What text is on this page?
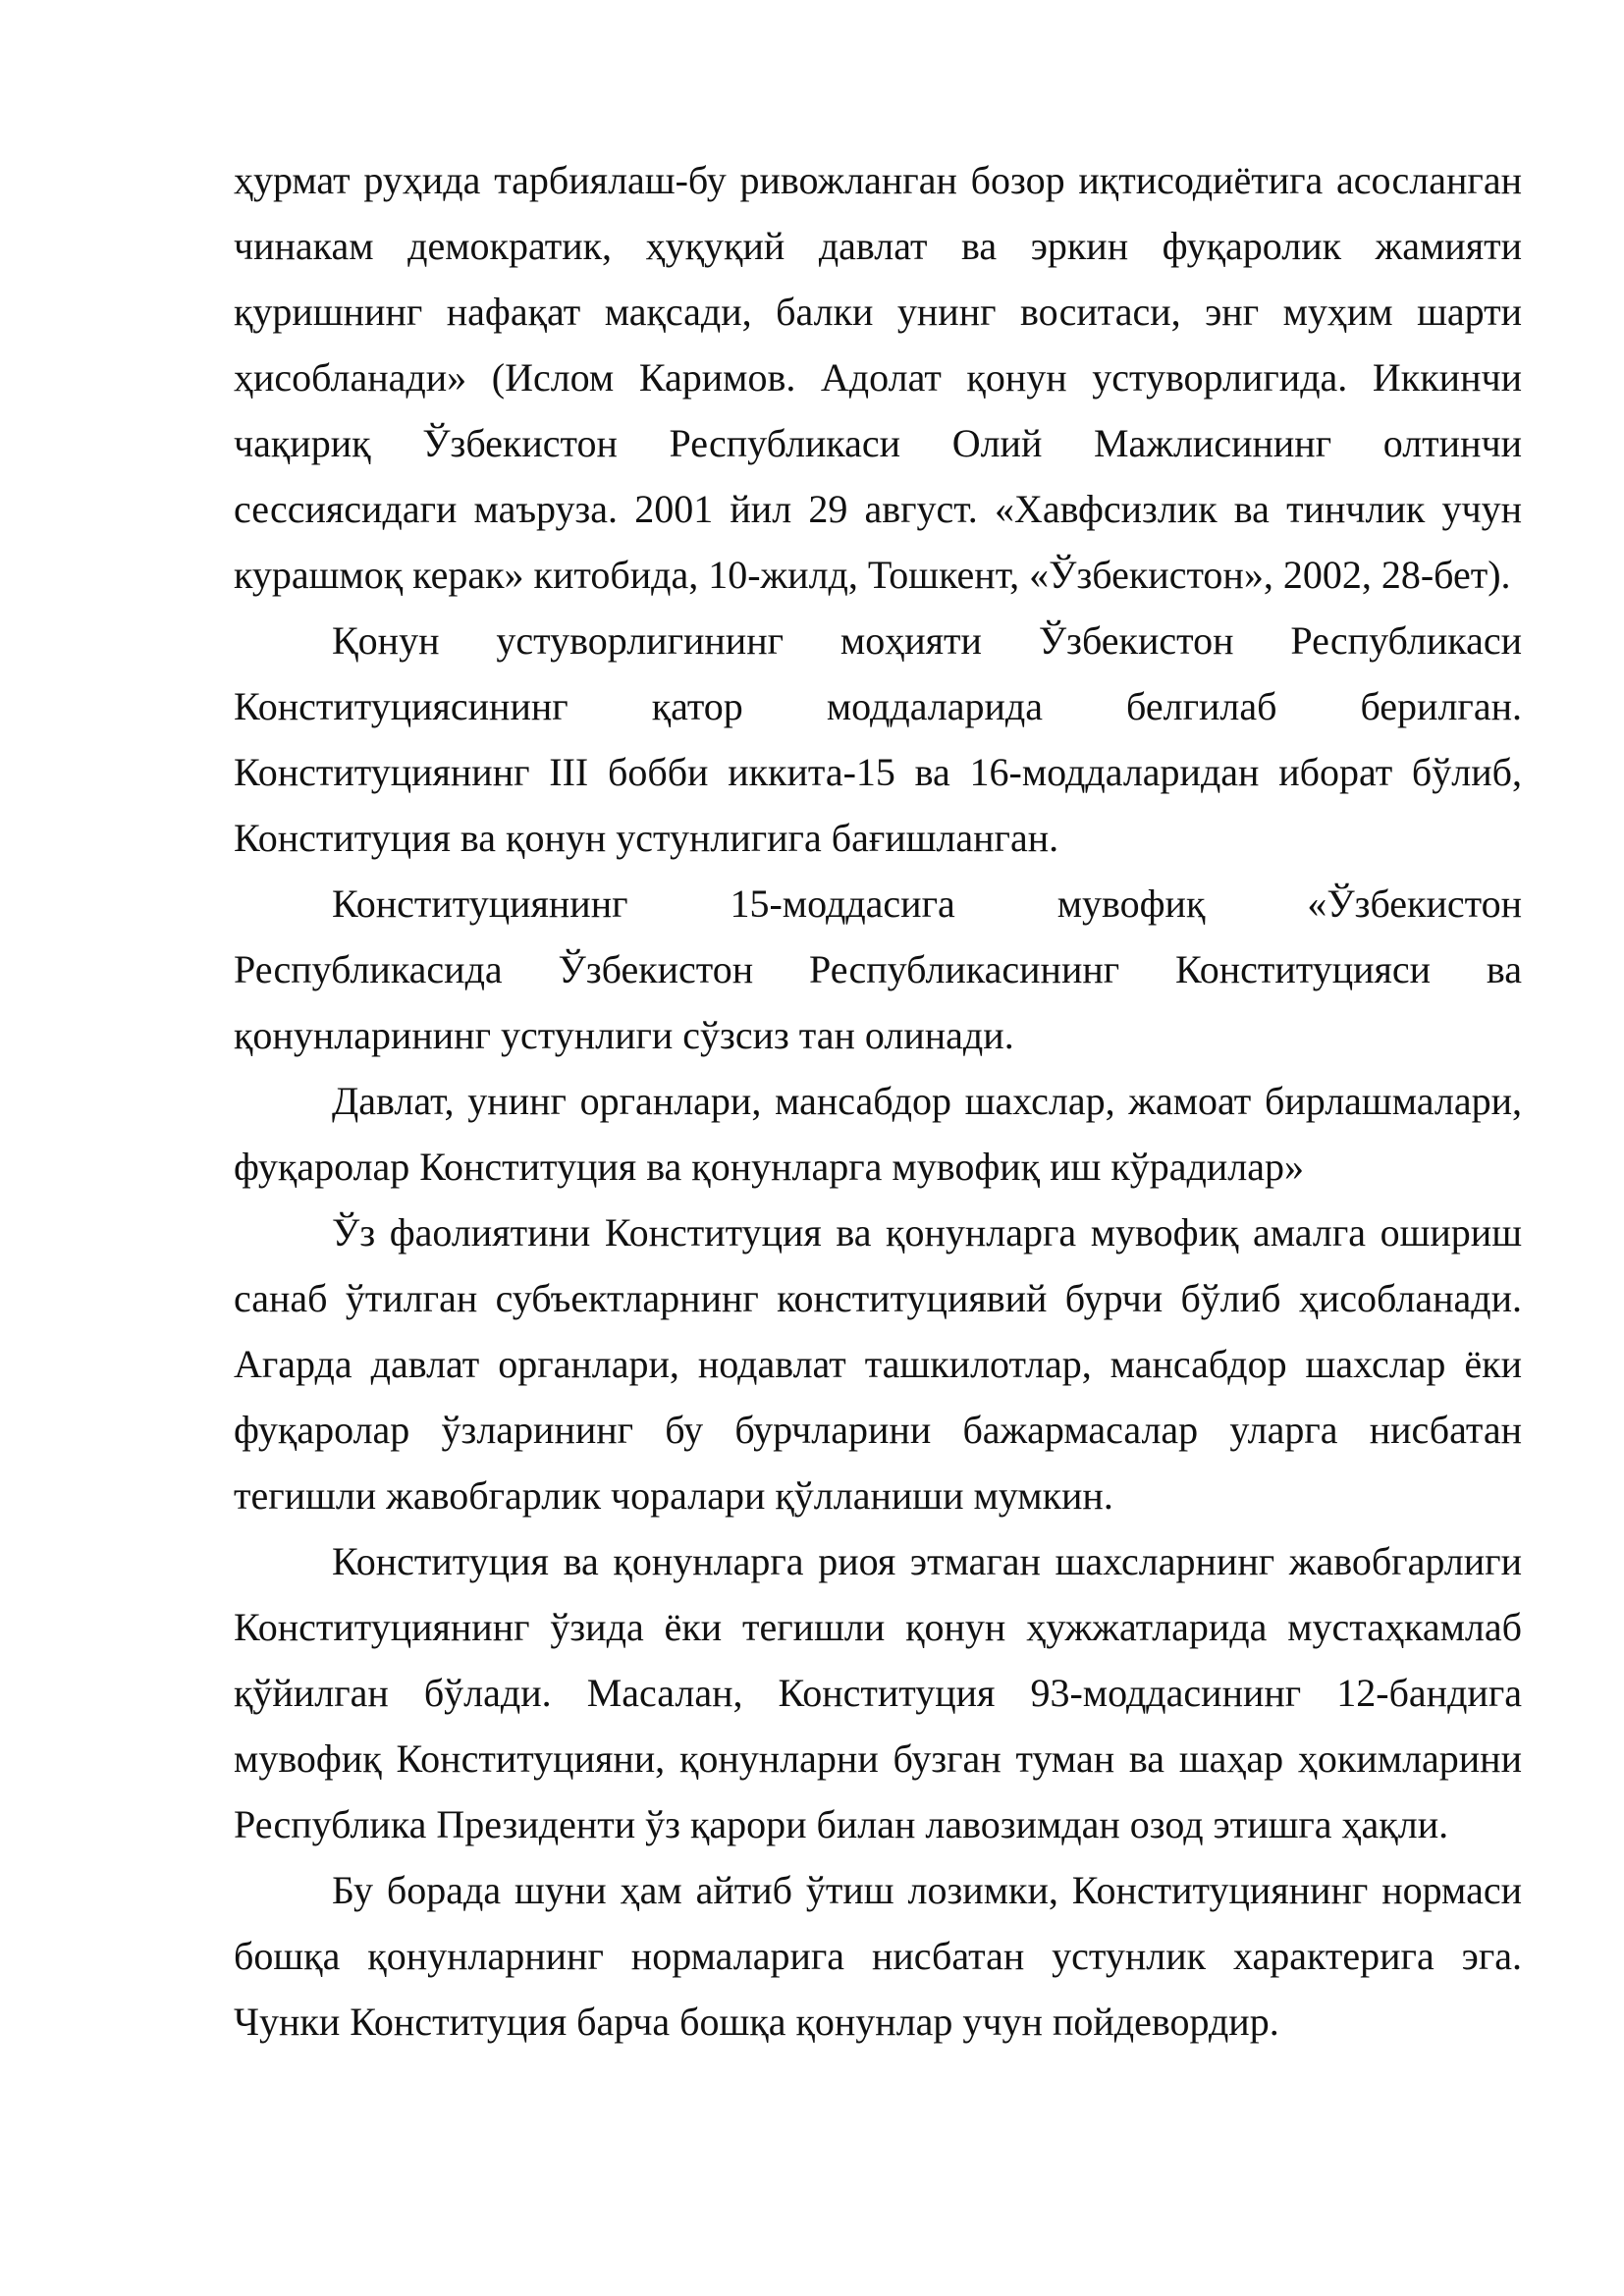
ҳурмат руҳида тарбиялаш-бу ривожланган бозор иқтисодиётига асосланган чинакам демократик, ҳуқуқий давлат ва эркин фуқаролик жамияти қуришнинг нафақат мақсади, балки унинг воситаси, энг муҳим шарти ҳисобланади» (Ислом Каримов. Адолат қонун устуворлигида. Иккинчи чақириқ Ўзбекистон Республикаси Олий Мажлисининг олтинчи сессиясидаги маъруза. 2001 йил 29 август. «Хавфсизлик ва тинчлик учун курашмоқ керак» китобида, 10-жилд, Тошкент, «Ўзбекистон», 2002, 28-бет).

Қонун устуворлигининг моҳияти Ўзбекистон Республикаси Конституциясининг қатор моддаларида белгилаб берилган. Конституциянинг III бобби иккита-15 ва 16-моддаларидан иборат бўлиб, Конституция ва қонун устунлигига бағишланган.

Конституциянинг 15-моддасига мувофиқ «Ўзбекистон Республикасида Ўзбекистон Республикасининг Конституцияси ва қонунларининг устунлиги сўзсиз тан олинади.

Давлат, унинг органлари, мансабдор шахслар, жамоат бирлашмалари, фуқаролар Конституция ва қонунларга мувофиқ иш кўрадилар»

Ўз фаолиятини Конституция ва қонунларга мувофиқ амалга ошириш санаб ўтилган субъектларнинг конституциявий бурчи бўлиб ҳисобланади. Агарда давлат органлари, нодавлат ташкилотлар, мансабдор шахслар ёки фуқаролар ўзларининг бу бурчларини бажармасалар уларга нисбатан тегишли жавобгарлик чоралари қўлланиши мумкин.

Конституция ва қонунларга риоя этмаган шахсларнинг жавобгарлиги Конституциянинг ўзида ёки тегишли қонун ҳужжатларида мустаҳкамлаб қўйилган бўлади. Масалан, Конституция 93-моддасининг 12-бандига мувофиқ Конституцияни, қонунларни бузган туман ва шаҳар ҳокимларини Республика Президенти ўз қарори билан лавозимдан озод этишга ҳақли.

Бу борада шуни ҳам айтиб ўтиш лозимки, Конституциянинг нормаси бошқа қонунларнинг нормаларига нисбатан устунлик характерига эга. Чунки Конституция барча бошқа қонунлар учун пойдевордир.
